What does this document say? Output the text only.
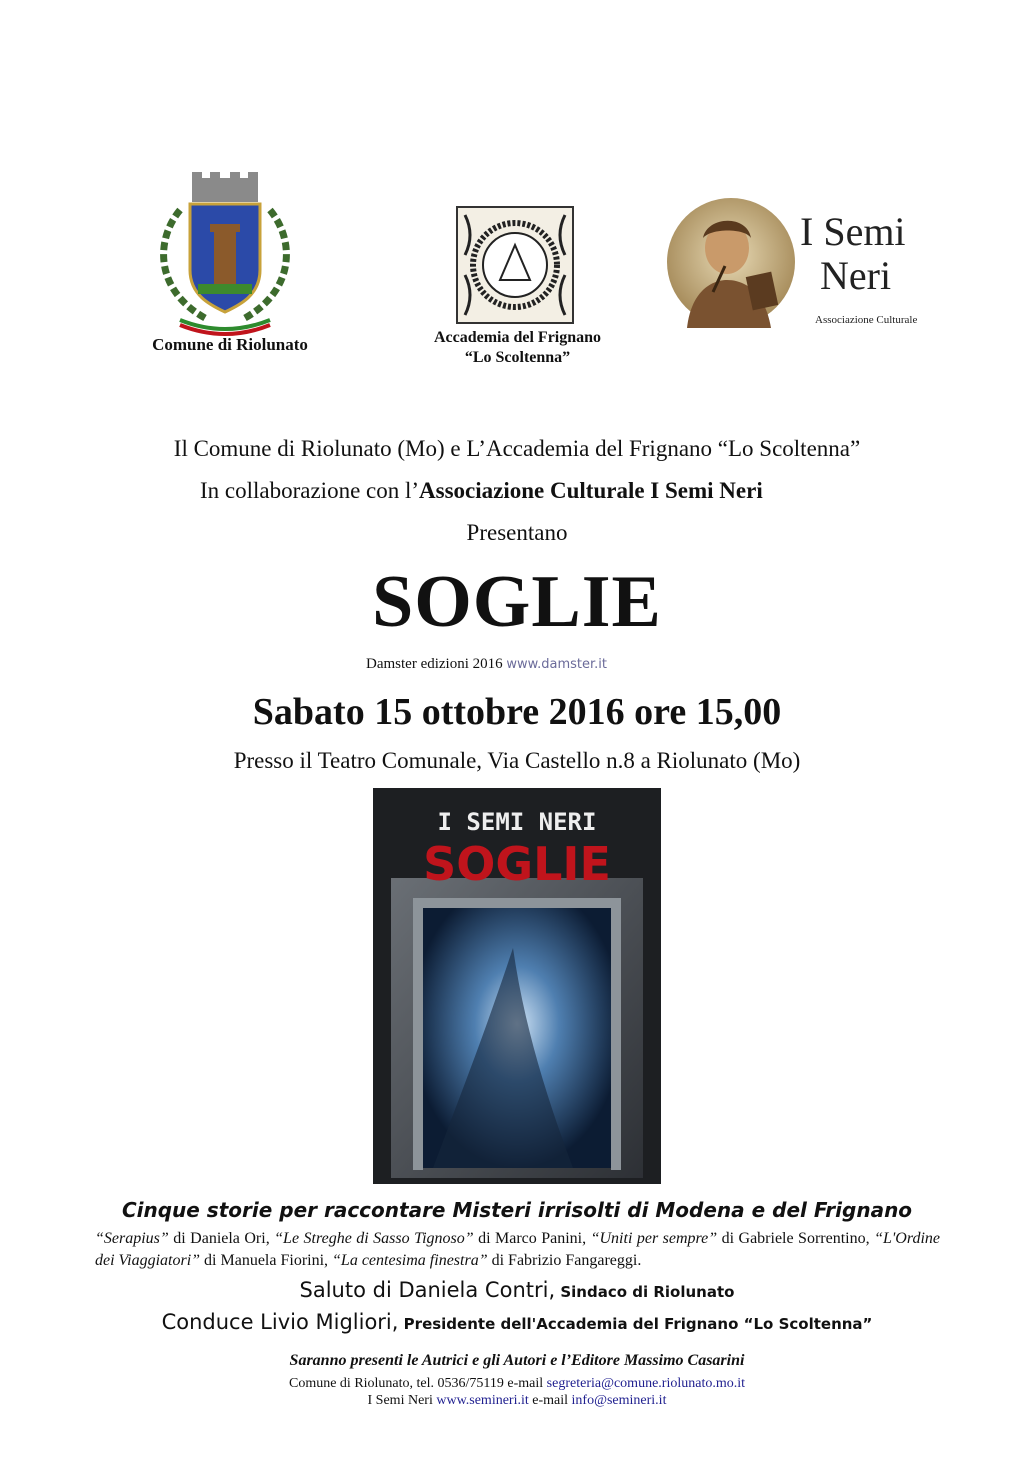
Comune di Riolunato	Accademia del Frignano
“Lo Scoltenna”
I Semi
Neri
Associazione Culturale
Il Comune di Riolunato (Mo) e L’Accademia del Frignano “Lo Scoltenna”
In collaborazione con l’Associazione Culturale I Semi Neri
Presentano
SOGLIE
Damster edizioni 2016 www.damster.it
Sabato 15 ottobre 2016 ore 15,00
Presso il Teatro Comunale, Via Castello n.8 a Riolunato (Mo)
I SEMI NERI
SOGLIE
Cinque storie per raccontare Misteri irrisolti di Modena e del Frignano
“Serapius” di Daniela Ori, “Le Streghe di Sasso Tignoso” di Marco Panini, “Uniti per sempre” di Gabriele Sorrentino, “L'Ordine dei Viaggiatori” di Manuela Fiorini, “La centesima finestra” di Fabrizio Fangareggi.
Saluto di Daniela Contri, Sindaco di Riolunato
Conduce Livio Migliori, Presidente dell'Accademia del Frignano “Lo Scoltenna”
Saranno presenti le Autrici e gli Autori e l’Editore Massimo Casarini
Comune di Riolunato, tel. 0536/75119 e-mail segreteria@comune.riolunato.mo.it
I Semi Neri www.semineri.it e-mail info@semineri.it
